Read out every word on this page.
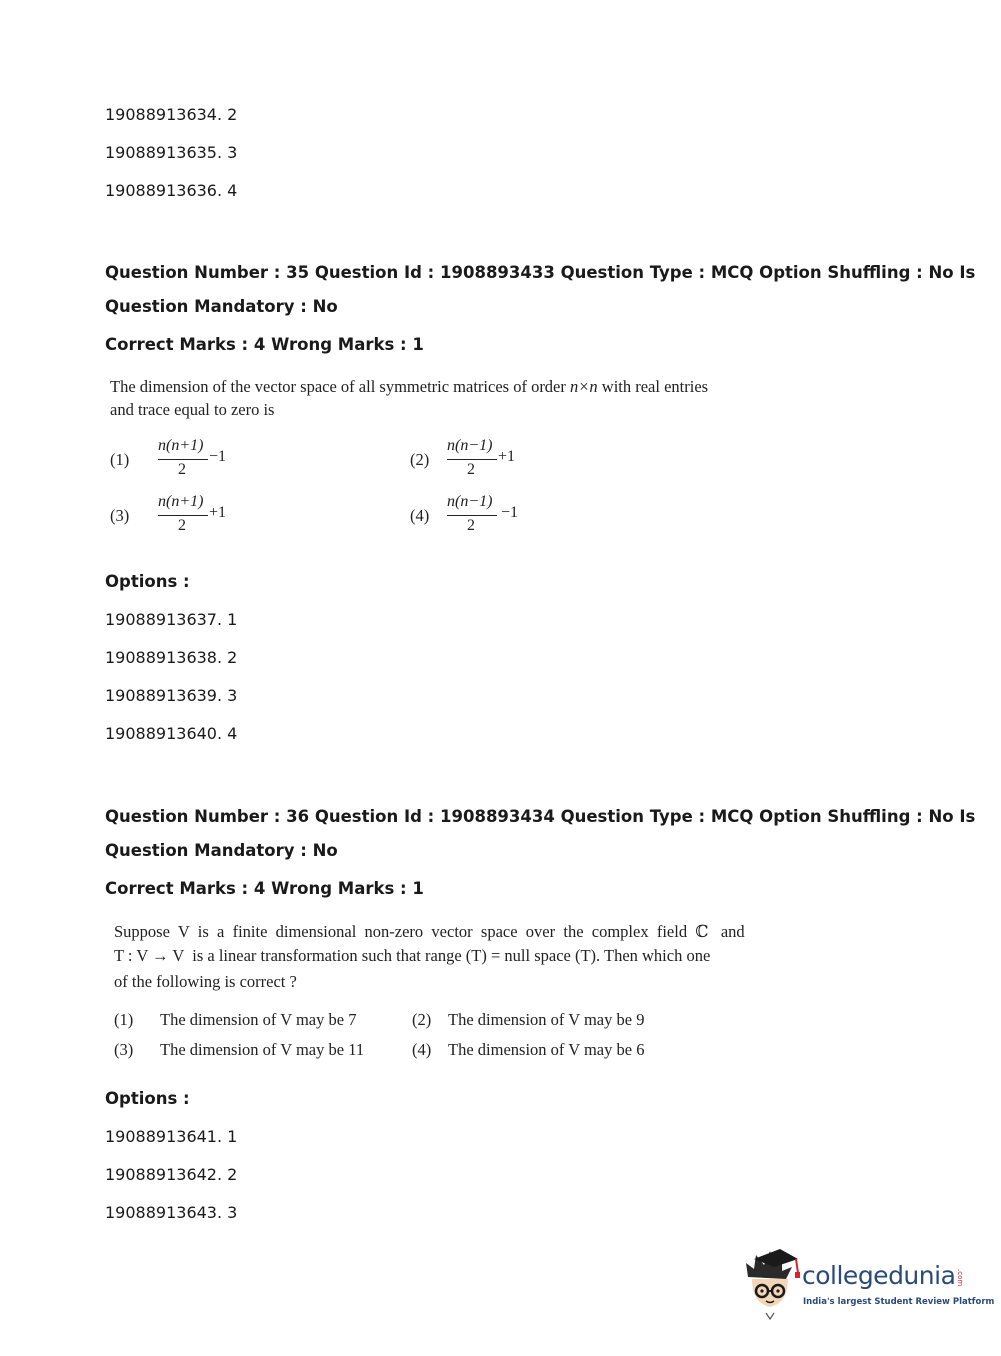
19088913634. 2

19088913635. 3

19088913636. 4

Question Number : 35 Question Id : 1908893433 Question Type : MCQ Option Shuffling : No Is

Question Mandatory : No

Correct Marks : 4 Wrong Marks : 1

The dimension of the vector space of all symmetric matrices of order n×n with real entries

and trace equal to zero is

(1)
n(n+1)
2
−1	(2)
n(n−1)
2
+1
(3)
n(n+1)
2
+1	(4)
n(n−1)
2
−1

Options :

19088913637. 1

19088913638. 2

19088913639. 3

19088913640. 4

Question Number : 36 Question Id : 1908893434 Question Type : MCQ Option Shuffling : No Is

Question Mandatory : No

Correct Marks : 4 Wrong Marks : 1

Suppose  V  is  a  finite  dimensional  non-zero  vector  space  over  the  complex  field  ℂ   and

T : V → V  is a linear transformation such that range (T) = null space (T). Then which one

of the following is correct ?

(1) The dimension of V may be 7	(2) The dimension of V may be 9
(3) The dimension of V may be 11	(4) The dimension of V may be 6

Options :

19088913641. 1

19088913642. 2

19088913643. 3

collegedunia .com
India's largest Student Review Platform
